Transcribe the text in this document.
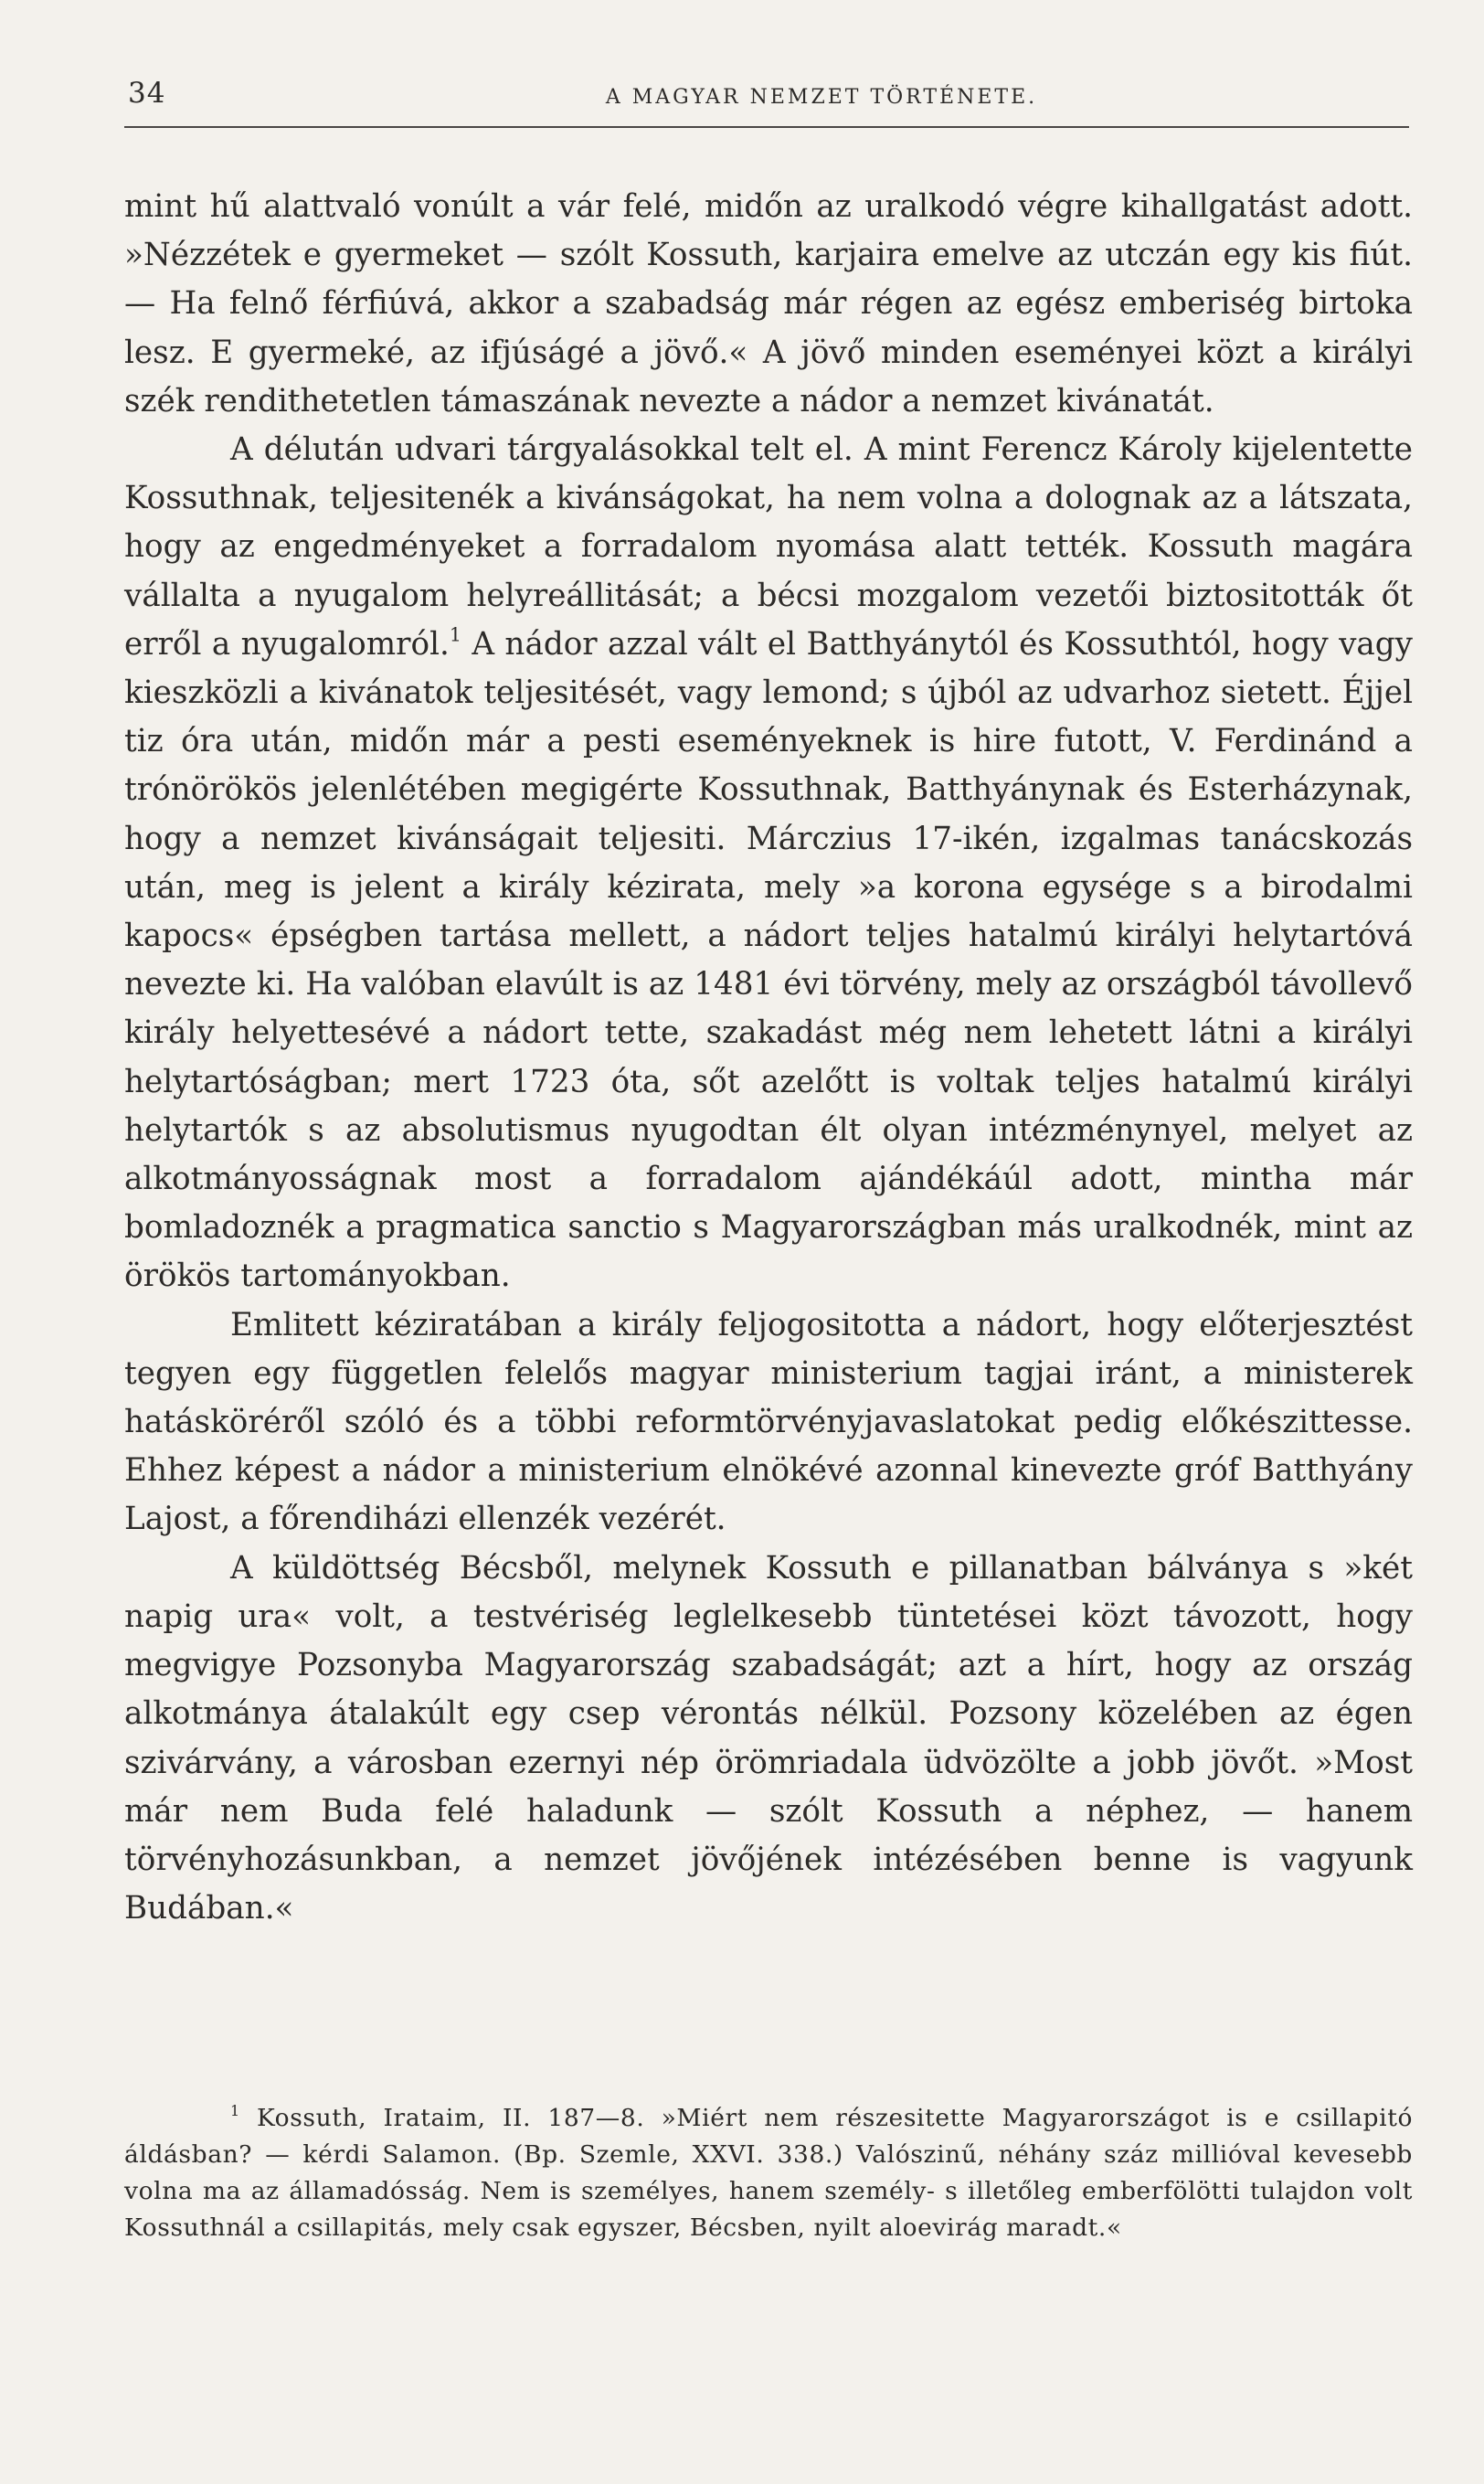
34	A MAGYAR NEMZET TÖRTÉNETE.

mint hű alattvaló vonúlt a vár felé, midőn az uralkodó végre kihallgatást adott. »Nézzétek e gyermeket — szólt Kossuth, karjaira emelve az utczán egy kis fiút. — Ha felnő férfiúvá, akkor a szabadság már régen az egész emberiség birtoka lesz. E gyermeké, az ifjúságé a jövő.« A jövő minden eseményei közt a királyi szék rendithetetlen támaszának nevezte a nádor a nemzet kivánatát.

A délután udvari tárgyalásokkal telt el. A mint Ferencz Károly kijelentette Kossuthnak, teljesitenék a kivánságokat, ha nem volna a dolognak az a látszata, hogy az engedményeket a forradalom nyomása alatt tették. Kossuth magára vállalta a nyugalom helyreállitását; a bécsi mozgalom vezetői biztositották őt erről a nyugalomról.$^1$ A nádor azzal vált el Batthyánytól és Kossuthtól, hogy vagy kieszközli a kivánatok teljesitését, vagy lemond; s újból az udvarhoz sietett. Éjjel tiz óra után, midőn már a pesti eseményeknek is hire futott, V. Ferdinánd a trónörökös jelenlétében megigérte Kossuthnak, Batthyánynak és Esterházynak, hogy a nemzet kivánságait teljesiti. Márczius 17-ikén, izgalmas tanácskozás után, meg is jelent a király kézirata, mely »a korona egysége s a birodalmi kapocs« épségben tartása mellett, a nádort teljes hatalmú királyi helytartóvá nevezte ki. Ha valóban elavúlt is az 1481 évi törvény, mely az országból távollevő király helyettesévé a nádort tette, szakadást még nem lehetett látni a királyi helytartóságban; mert 1723 óta, sőt azelőtt is voltak teljes hatalmú királyi helytartók s az absolutismus nyugodtan élt olyan intézménynyel, melyet az alkotmányosságnak most a forradalom ajándékáúl adott, mintha már bomladoznék a pragmatica sanctio s Magyarországban más uralkodnék, mint az örökös tartományokban.

Emlitett kéziratában a király feljogositotta a nádort, hogy előterjesztést tegyen egy független felelős magyar ministerium tagjai iránt, a ministerek hatásköréről szóló és a többi reformtörvényjavaslatokat pedig előkészittesse. Ehhez képest a nádor a ministerium elnökévé azonnal kinevezte gróf Batthyány Lajost, a főrendiházi ellenzék vezérét.

A küldöttség Bécsből, melynek Kossuth e pillanatban bálványa s »két napig ura« volt, a testvériség leglelkesebb tüntetései közt távozott, hogy megvigye Pozsonyba Magyarország szabadságát; azt a hírt, hogy az ország alkotmánya átalakúlt egy csep vérontás nélkül. Pozsony közelében az égen szivárvány, a városban ezernyi nép örömriadala üdvözölte a jobb jövőt. »Most már nem Buda felé haladunk — szólt Kossuth a néphez, — hanem törvényhozásunkban, a nemzet jövőjének intézésében benne is vagyunk Budában.«

$^1$ Kossuth, Irataim, II. 187—8. »Miért nem részesitette Magyarországot is e csillapitó áldásban? — kérdi Salamon. (Bp. Szemle, XXVI. 338.) Valószinű, néhány száz millióval kevesebb volna ma az államadósság. Nem is személyes, hanem személy- s illetőleg emberfölötti tulajdon volt Kossuthnál a csillapitás, mely csak egyszer, Bécsben, nyilt aloevirág maradt.«
